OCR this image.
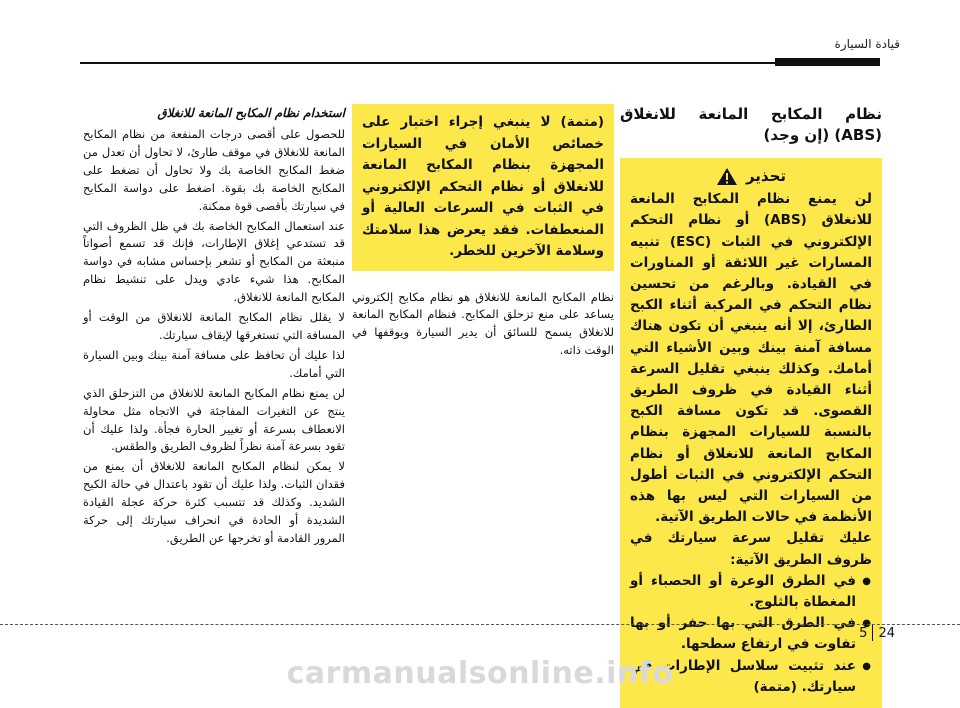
قيادة السيارة
نظام المكابح المانعة للانغلاق (ABS) (إن وجد)
تحذير
لن يمنع نظام المكابح المانعة للانغلاق (ABS) أو نظام التحكم الإلكتروني في الثبات (ESC) تنبيه المسارات غير اللائقة أو المناورات في القيادة. وبالرغم من تحسين نظام التحكم في المركبة أثناء الكبح الطارئ، إلا أنه ينبغي أن تكون هناك مسافة آمنة بينك وبين الأشياء التي أمامك. وكذلك ينبغي تقليل السرعة أثناء القيادة في ظروف الطريق القصوى. قد تكون مسافة الكبح بالنسبة للسيارات المجهزة بنظام المكابح المانعة للانغلاق أو نظام التحكم الإلكتروني في الثبات أطول من السيارات التي ليس بها هذه الأنظمة في حالات الطريق الآتية.
عليك تقليل سرعة سيارتك في ظروف الطريق الآتية:
● في الطرق الوعرة أو الحصباء أو المغطاة بالثلوج.
● في الطرق التي بها حفر أو بها تفاوت في ارتفاع سطحها.
● عند تثبيت سلاسل الإطارات في سيارتك. (متمة)
(متمة) لا ينبغي إجراء اختبار على خصائص الأمان في السيارات المجهزة بنظام المكابح المانعة للانغلاق أو نظام التحكم الإلكتروني في الثبات في السرعات العالية أو المنعطفات. فقد يعرض هذا سلامتك وسلامة الآخرين للخطر.

نظام المكابح المانعة للانغلاق هو نظام مكابح إلكتروني يساعد على منع تزحلق المكابح. فنظام المكابح المانعة للانغلاق يسمح للسائق أن يدير السيارة ويوقفها في الوقت ذاته.

استخدام نظام المكابح المانعة للانغلاق

للحصول على أقصى درجات المنفعة من نظام المكابح المانعة للانغلاق في موقف طارئ، لا تحاول أن تعدل من ضغط المكابح الخاصة بك ولا تحاول أن تضغط على المكابح الخاصة بك بقوة. اضغط على دواسة المكابح في سيارتك بأقصى قوة ممكنة.

عند استعمال المكابح الخاصة بك في ظل الظروف التي قد تستدعي إغلاق الإطارات، فإنك قد تسمع أصواتاً منبعثة من المكابح أو تشعر بإحساس مشابه في دواسة المكابح. هذا شيء عادي ويدل على تنشيط نظام المكابح المانعة للانغلاق.

لا يقلل نظام المكابح المانعة للانغلاق من الوقت أو المسافة التي تستغرقها لإيقاف سيارتك.

لذا عليك أن تحافظ على مسافة آمنة بينك وبين السيارة التي أمامك.

لن يمنع نظام المكابح المانعة للانغلاق من التزحلق الذي ينتج عن التغيرات المفاجئة في الاتجاه مثل محاولة الانعطاف بسرعة أو تغيير الحارة فجأة. ولذا عليك أن تقود بسرعة آمنة نظراً لظروف الطريق والطقس.

لا يمكن لنظام المكابح المانعة للانغلاق أن يمنع من فقدان الثبات. ولذا عليك أن تقود باعتدال في حالة الكبح الشديد. وكذلك قد تتسبب كثرة حركة عجلة القيادة الشديدة أو الحادة في انحراف سيارتك إلى حركة المرور القادمة أو تخرجها عن الطريق.

5 24
carmanualsonline.info
